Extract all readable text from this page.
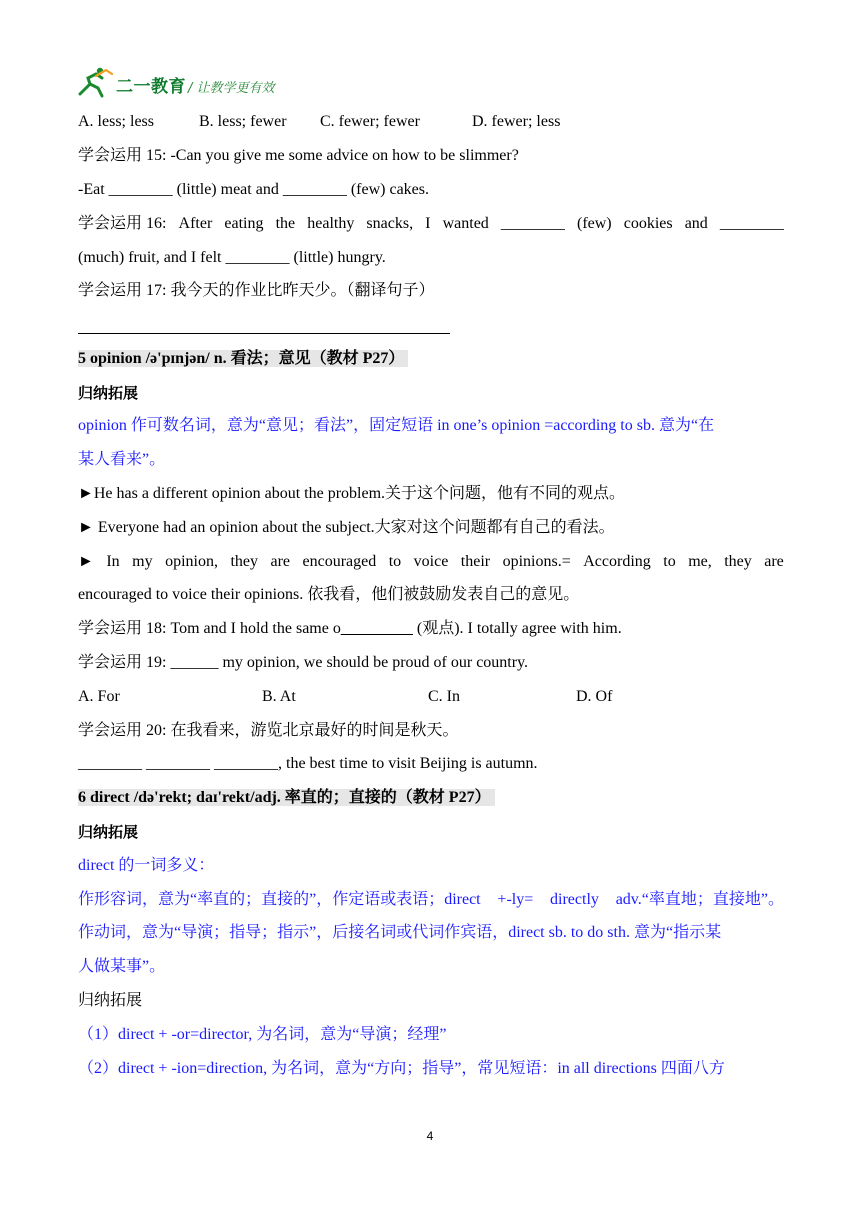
二一教育 / 让教学更有效
A. less; less	B. less; fewer C. fewer; fewer	D. fewer; less
学会运用 15: -Can you give me some advice on how to be slimmer?
-Eat ________ (little) meat and ________ (few) cakes.
学会运用 16: After eating the healthy snacks, I wanted ________ (few) cookies and ________
(much) fruit, and I felt ________ (little) hungry.
学会运用 17: 我今天的作业比昨天少。（翻译句子）
5 opinion /ə'pɪnjən/ n. 看法；意见（教材 P27）
归纳拓展
opinion 作可数名词，意为“意见；看法”，固定短语 in one’s opinion =according to sb. 意为“在
某人看来”。
►He has a different opinion about the problem.关于这个问题，他有不同的观点。
► Everyone had an opinion about the subject.大家对这个问题都有自己的看法。
► In my opinion, they are encouraged to voice their opinions.= According to me, they are
encouraged to voice their opinions. 依我看，他们被鼓励发表自己的意见。
学会运用 18: Tom and I hold the same o_________ (观点). I totally agree with him.
学会运用 19: ______ my opinion, we should be proud of our country.
A. For	B. At	C. In	D. Of
学会运用 20: 在我看来，游览北京最好的时间是秋天。
________ ________ ________, the best time to visit Beijing is autumn.
6 direct /də'rekt; daɪ'rekt/adj. 率直的；直接的（教材 P27）
归纳拓展
direct 的一词多义：
作形容词，意为“率直的；直接的”，作定语或表语；direct +-ly= directly adv.“率直地；直接地”。
作动词，意为“导演；指导；指示”，后接名词或代词作宾语，direct sb. to do sth. 意为“指示某
人做某事”。
归纳拓展
（1）direct + -or=director, 为名词，意为“导演；经理”
（2）direct + -ion=direction, 为名词，意为“方向；指导”，常见短语：in all directions 四面八方
4
